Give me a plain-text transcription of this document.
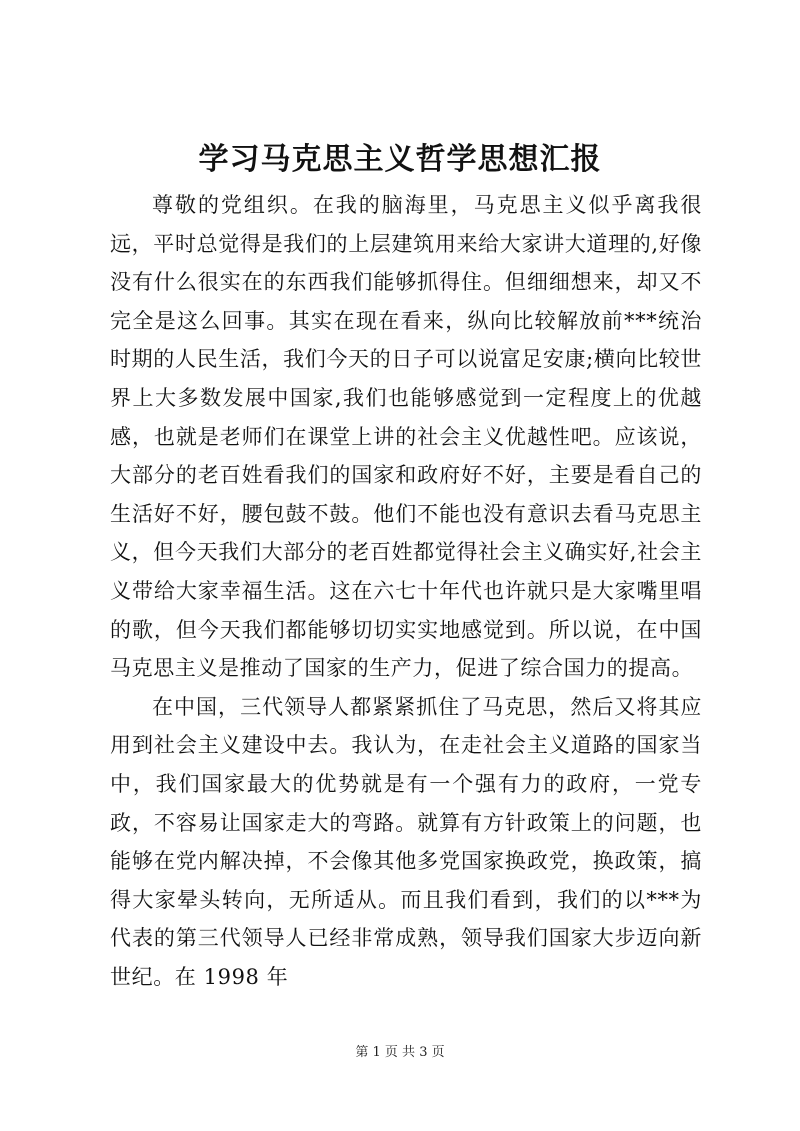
学习马克思主义哲学思想汇报

尊敬的党组织。在我的脑海里，马克思主义似乎离我很远，平时总觉得是我们的上层建筑用来给大家讲大道理的,好像没有什么很实在的东西我们能够抓得住。但细细想来，却又不完全是这么回事。其实在现在看来，纵向比较解放前***统治时期的人民生活，我们今天的日子可以说富足安康;横向比较世界上大多数发展中国家,我们也能够感觉到一定程度上的优越感，也就是老师们在课堂上讲的社会主义优越性吧。应该说，大部分的老百姓看我们的国家和政府好不好，主要是看自己的生活好不好，腰包鼓不鼓。他们不能也没有意识去看马克思主义，但今天我们大部分的老百姓都觉得社会主义确实好,社会主义带给大家幸福生活。这在六七十年代也许就只是大家嘴里唱的歌，但今天我们都能够切切实实地感觉到。所以说，在中国马克思主义是推动了国家的生产力，促进了综合国力的提高。

在中国，三代领导人都紧紧抓住了马克思，然后又将其应用到社会主义建设中去。我认为，在走社会主义道路的国家当中，我们国家最大的优势就是有一个强有力的政府，一党专政，不容易让国家走大的弯路。就算有方针政策上的问题，也能够在党内解决掉，不会像其他多党国家换政党，换政策，搞得大家晕头转向，无所适从。而且我们看到，我们的以***为代表的第三代领导人已经非常成熟，领导我们国家大步迈向新世纪。在 1998 年

第 1 页 共 3 页
